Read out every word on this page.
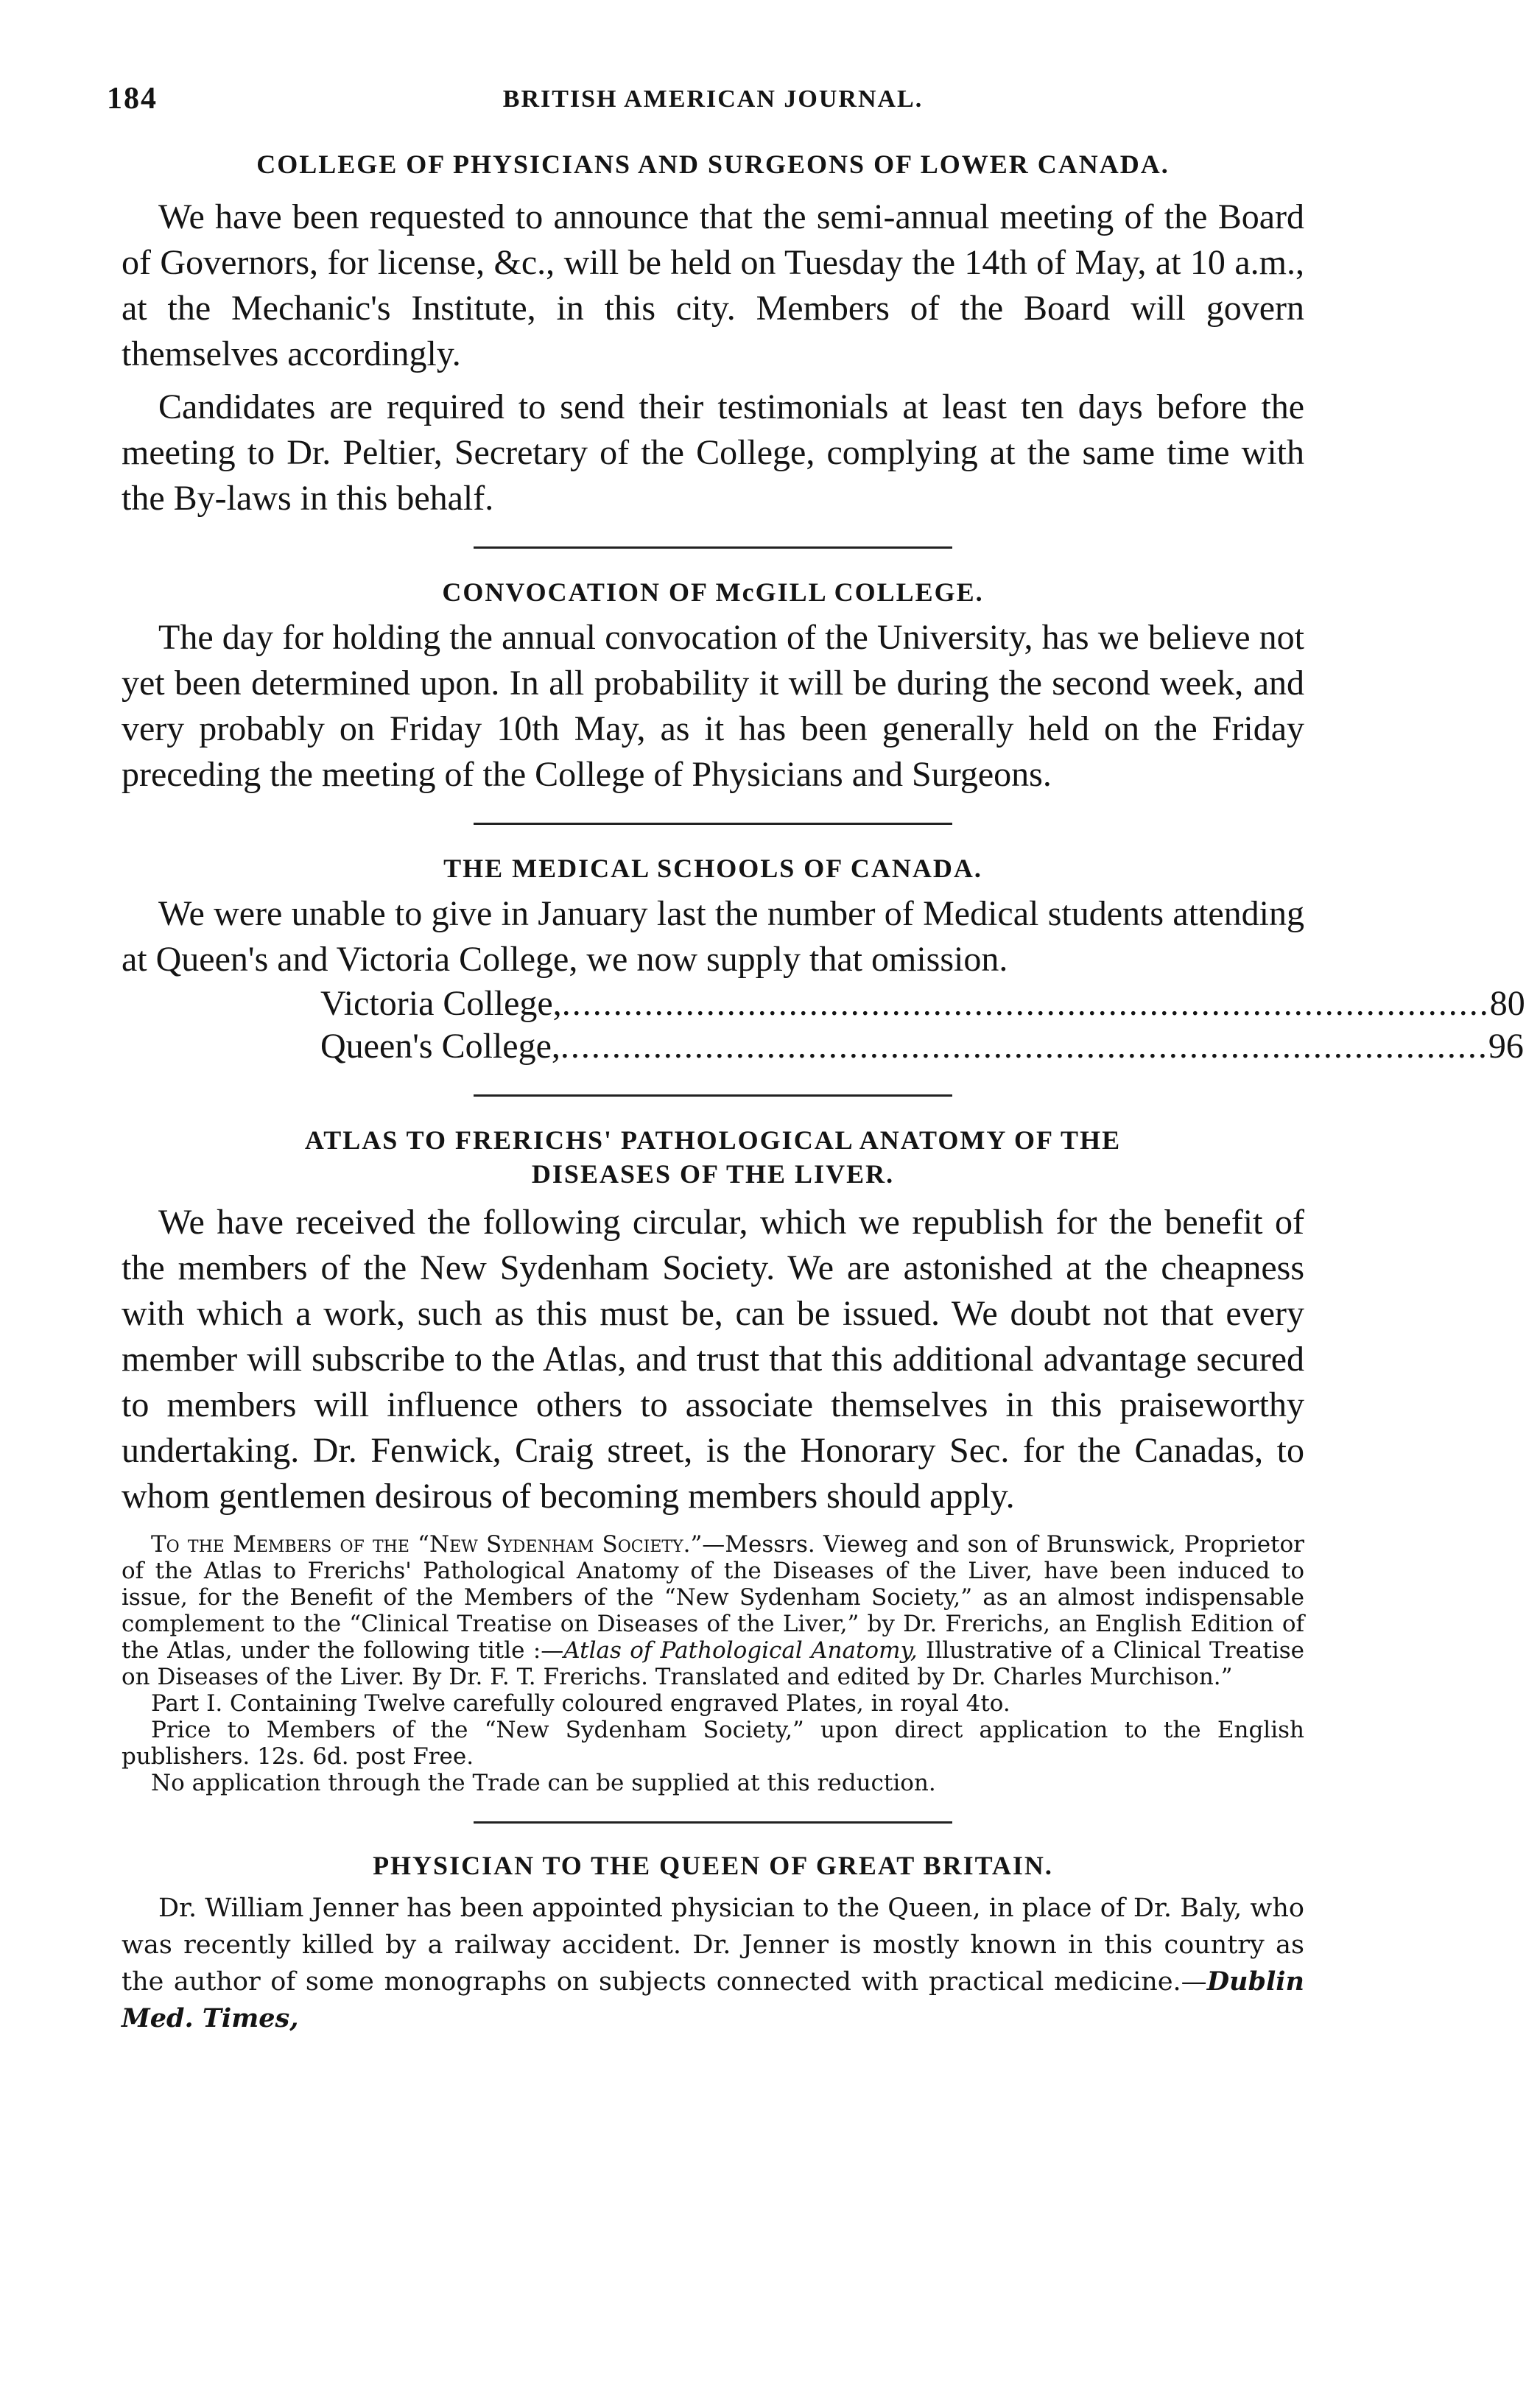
184	BRITISH AMERICAN JOURNAL.
COLLEGE OF PHYSICIANS AND SURGEONS OF LOWER CANADA.

We have been requested to announce that the semi-annual meeting of the Board of Governors, for license, &c., will be held on Tuesday the 14th of May, at 10 a.m., at the Mechanic's Institute, in this city. Members of the Board will govern themselves accordingly.

Candidates are required to send their testimonials at least ten days before the meeting to Dr. Peltier, Secretary of the College, complying at the same time with the By-laws in this behalf.

CONVOCATION OF McGILL COLLEGE.

The day for holding the annual convocation of the University, has we believe not yet been determined upon. In all probability it will be during the second week, and very probably on Friday 10th May, as it has been generally held on the Friday preceding the meeting of the College of Physicians and Surgeons.

THE MEDICAL SCHOOLS OF CANADA.

We were unable to give in January last the number of Medical students attending at Queen's and Victoria College, we now supply that omission.

Victoria College, .......................................................................................... 80
Queen's College, .......................................................................................... 96
ATLAS TO FRERICHS' PATHOLOGICAL ANATOMY OF THE
DISEASES OF THE LIVER.

We have received the following circular, which we republish for the benefit of the members of the New Sydenham Society. We are astonished at the cheapness with which a work, such as this must be, can be issued. We doubt not that every member will subscribe to the Atlas, and trust that this additional advantage secured to members will influence others to associate themselves in this praiseworthy undertaking. Dr. Fenwick, Craig street, is the Honorary Sec. for the Canadas, to whom gentlemen desirous of becoming members should apply.

To the Members of the “New Sydenham Society.”—Messrs. Vieweg and son of Brunswick, Proprietor of the Atlas to Frerichs' Pathological Anatomy of the Diseases of the Liver, have been induced to issue, for the Benefit of the Members of the “New Sydenham Society,” as an almost indispensable complement to the “Clinical Treatise on Diseases of the Liver,” by Dr. Frerichs, an English Edition of the Atlas, under the following title :—Atlas of Pathological Anatomy, Illustrative of a Clinical Treatise on Diseases of the Liver. By Dr. F. T. Frerichs. Translated and edited by Dr. Charles Murchison.”

Part I. Containing Twelve carefully coloured engraved Plates, in royal 4to.

Price to Members of the “New Sydenham Society,” upon direct application to the English publishers. 12s. 6d. post Free.

No application through the Trade can be supplied at this reduction.

PHYSICIAN TO THE QUEEN OF GREAT BRITAIN.

Dr. William Jenner has been appointed physician to the Queen, in place of Dr. Baly, who was recently killed by a railway accident. Dr. Jenner is mostly known in this country as the author of some monographs on subjects connected with practical medicine.—Dublin Med. Times,
